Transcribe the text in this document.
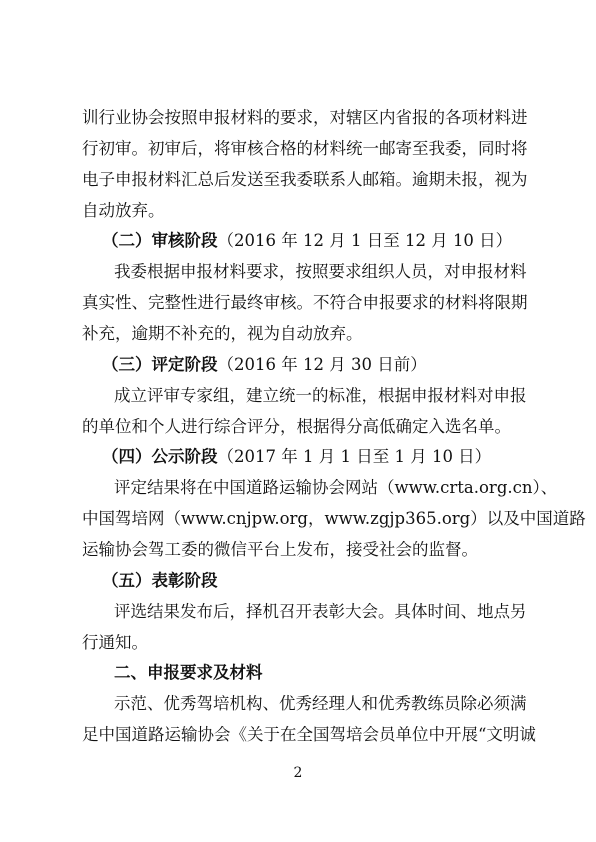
训行业协会按照申报材料的要求，对辖区内省报的各项材料进
行初审。初审后，将审核合格的材料统一邮寄至我委，同时将
电子申报材料汇总后发送至我委联系人邮箱。逾期未报，视为
自动放弃。
（二）审核阶段（2016 年 12 月 1 日至 12 月 10 日）
我委根据申报材料要求，按照要求组织人员，对申报材料
真实性、完整性进行最终审核。不符合申报要求的材料将限期
补充，逾期不补充的，视为自动放弃。
（三）评定阶段（2016 年 12 月 30 日前）
成立评审专家组，建立统一的标准，根据申报材料对申报
的单位和个人进行综合评分，根据得分高低确定入选名单。
（四）公示阶段（2017 年 1 月 1 日至 1 月 10 日）
评定结果将在中国道路运输协会网站（www.crta.org.cn）、
中国驾培网（www.cnjpw.org，www.zgjp365.org）以及中国道路
运输协会驾工委的微信平台上发布，接受社会的监督。
（五）表彰阶段
评选结果发布后，择机召开表彰大会。具体时间、地点另
行通知。
二、申报要求及材料
2
示范、优秀驾培机构、优秀经理人和优秀教练员除必须满
足中国道路运输协会《关于在全国驾培会员单位中开展“文明诚
